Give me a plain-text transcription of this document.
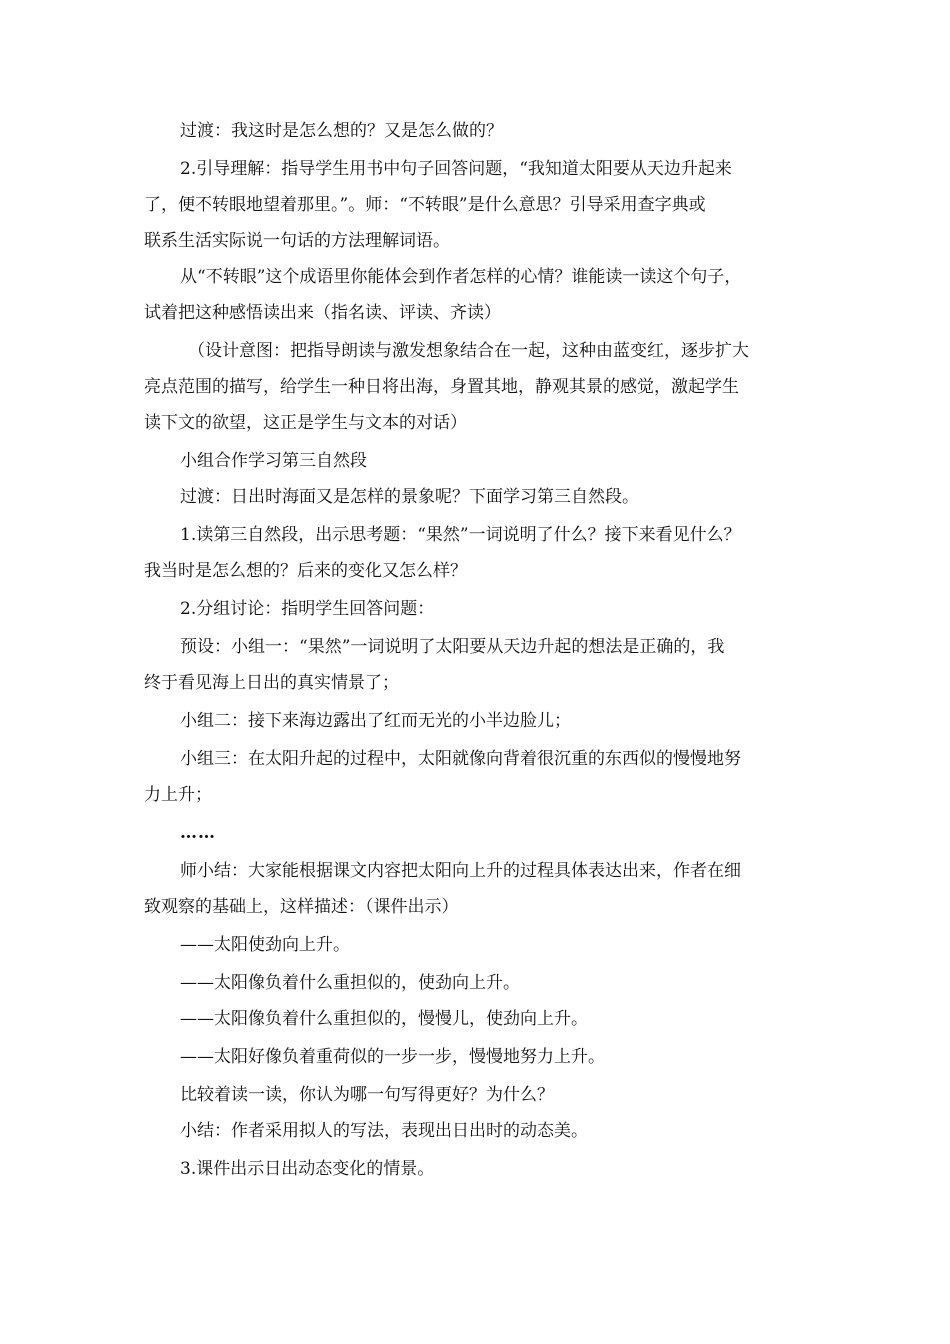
过渡：我这时是怎么想的？又是怎么做的？
2.引导理解：指导学生用书中句子回答问题，“我知道太阳要从天边升起来
了，便不转眼地望着那里。”。师：“不转眼”是什么意思？引导采用查字典或
联系生活实际说一句话的方法理解词语。
从“不转眼”这个成语里你能体会到作者怎样的心情？谁能读一读这个句子，
试着把这种感悟读出来（指名读、评读、齐读）
（设计意图：把指导朗读与激发想象结合在一起，这种由蓝变红，逐步扩大
亮点范围的描写，给学生一种日将出海，身置其地，静观其景的感觉，激起学生
读下文的欲望，这正是学生与文本的对话）
小组合作学习第三自然段
过渡：日出时海面又是怎样的景象呢？下面学习第三自然段。
1.读第三自然段，出示思考题：“果然”一词说明了什么？接下来看见什么？
我当时是怎么想的？后来的变化又怎么样？
2.分组讨论：指明学生回答问题：
预设：小组一：“果然”一词说明了太阳要从天边升起的想法是正确的，我
终于看见海上日出的真实情景了；
小组二：接下来海边露出了红而无光的小半边脸儿；
小组三：在太阳升起的过程中，太阳就像向背着很沉重的东西似的慢慢地努
力上升；
……
师小结：大家能根据课文内容把太阳向上升的过程具体表达出来，作者在细
致观察的基础上，这样描述：（课件出示）
——太阳使劲向上升。
——太阳像负着什么重担似的，使劲向上升。
——太阳像负着什么重担似的，慢慢儿，使劲向上升。
——太阳好像负着重荷似的一步一步，慢慢地努力上升。
比较着读一读，你认为哪一句写得更好？为什么？
小结：作者采用拟人的写法，表现出日出时的动态美。
3.课件出示日出动态变化的情景。
